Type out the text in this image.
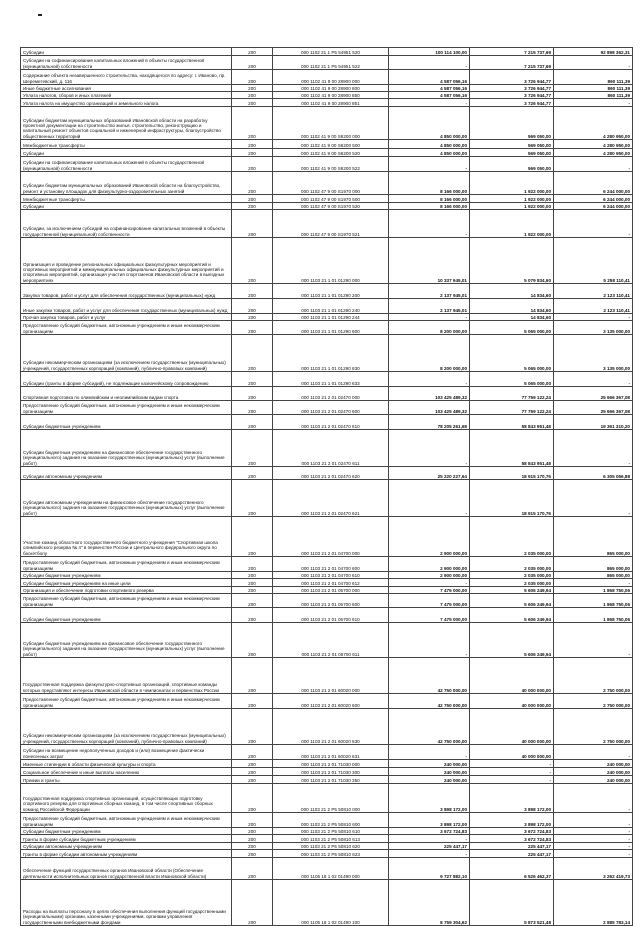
Субсидии	200	000 1102 21 1 P5 54951 520	100 114 100,00	7 215 737,69	92 898 362,31
Субсидии на софинансирование капитальных вложений в объекты государственной (муниципальной) собственности	200	000 1102 21 1 P5 54951 522	-	7 215 737,69	-
Содержание объекта незавершенного строительства, находящегося по адресу: г. Иваново, пр. Шереметевский, д. 116	200	000 1102 41 9 00 28900 000	4 587 056,16	3 726 944,77	860 111,39
Иные бюджетные ассигнования	200	000 1102 41 9 00 28900 800	4 587 056,16	3 726 944,77	860 111,39
Уплата налогов, сборов и иных платежей	200	000 1102 41 9 00 28900 850	4 587 056,16	3 726 944,77	860 111,39
Уплата налога на имущество организаций и земельного налога	200	000 1102 41 9 00 28900 851	-	3 726 944,77	-
Субсидии бюджетам муниципальных образований Ивановской области на разработку проектной документации на строительство жилья, строительство, реконструкцию и капитальный ремонт объектов социальной и инженерной инфраструктуры, благоустройство общественных территорий	200	000 1102 41 9 00 S6200 000	4 850 000,00	569 050,00	4 280 950,00
Межбюджетные трансферты	200	000 1102 41 9 00 S6200 500	4 850 000,00	569 050,00	4 280 950,00
Субсидии	200	000 1102 41 9 00 S6200 520	4 850 000,00	569 050,00	4 280 950,00
Субсидии на софинансирование капитальных вложений в объекты государственной (муниципальной) собственности	200	000 1102 41 9 00 S6200 522	-	569 050,00	-
Субсидии бюджетам муниципальных образований Ивановской области на благоустройство, ремонт и установку площадок для физкультурно-оздоровительных занятий	200	000 1102 47 9 00 S1970 000	8 166 000,00	1 922 000,00	6 244 000,00
Межбюджетные трансферты	200	000 1102 47 9 00 S1970 500	8 166 000,00	1 922 000,00	6 244 000,00
Субсидии	200	000 1102 47 9 00 S1970 520	8 166 000,00	1 922 000,00	6 244 000,00
Субсидии, за исключением субсидий на софинансирование капитальных вложений в объекты государственной (муниципальной) собственности	200	000 1102 47 9 00 S1970 521	-	1 922 000,00	-
Организация и проведение региональных официальных физкультурных мероприятий и спортивных мероприятий и межмуниципальных официальных физкультурных мероприятий и спортивных мероприятий, организация участия спортсменов Ивановской области в выездных мероприятиях	200	000 1103 21 1 01 01290 000	10 337 945,01	5 079 834,60	5 258 110,41
Закупка товаров, работ и услуг для обеспечения государственных (муниципальных) нужд	200	000 1103 21 1 01 01290 200	2 137 945,01	14 834,60	2 123 110,41
Иные закупки товаров, работ и услуг для обеспечения государственных (муниципальных) нужд	200	000 1103 21 1 01 01290 240	2 137 945,01	14 834,60	2 123 110,41
Прочая закупка товаров, работ и услуг	200	000 1103 21 1 01 01290 244	-	14 834,60	-
Предоставление субсидий бюджетным, автономным учреждениям и иным некоммерческим организациям	200	000 1103 21 1 01 01290 600	8 200 000,00	5 065 000,00	3 135 000,00
Субсидии некоммерческим организациям (за исключением государственных (муниципальных) учреждений, государственных корпораций (компаний), публично-правовых компаний)	200	000 1103 21 1 01 01290 630	8 200 000,00	5 065 000,00	3 135 000,00
Субсидии (гранты в форме субсидий), не подлежащие казначейскому сопровождению	200	000 1103 21 1 01 01290 633	-	5 065 000,00	-
Спортивная подготовка по олимпийским и неолимпийским видам спорта	200	000 1103 21 2 01 02470 000	103 425 489,32	77 759 122,24	25 666 367,08
Предоставление субсидий бюджетным, автономным учреждениям и иным некоммерческим организациям	200	000 1103 21 2 01 02470 600	103 425 489,32	77 759 122,24	25 666 367,08
Субсидии бюджетным учреждениям	200	000 1103 21 2 01 02470 610	78 205 261,68	58 843 951,48	19 361 310,20
Субсидии бюджетным учреждениям на финансовое обеспечение государственного (муниципального) задания на оказание государственных (муниципальных) услуг (выполнение работ)	200	000 1103 21 2 01 02470 611	-	58 843 951,48	-
Субсидии автономным учреждениям	200	000 1103 21 2 01 02470 620	25 220 227,64	18 915 170,76	6 305 056,88
Субсидии автономным учреждениям на финансовое обеспечение государственного (муниципального) задания на оказание государственных (муниципальных) услуг (выполнение работ)	200	000 1103 21 2 01 02470 621	-	18 915 170,76	-
Участие команд областного государственного бюджетного учреждения "Спортивная школа олимпийского резерва № 4" в первенстве России и Центрального федерального округа по баскетболу	200	000 1103 21 2 01 04700 000	2 900 000,00	2 035 000,00	865 000,00
Предоставление субсидий бюджетным, автономным учреждениям и иным некоммерческим организациям	200	000 1103 21 2 01 04700 600	2 900 000,00	2 035 000,00	865 000,00
Субсидии бюджетным учреждениям	200	000 1103 21 2 01 04700 610	2 900 000,00	2 035 000,00	865 000,00
Субсидии бюджетным учреждениям на иные цели	200	000 1103 21 2 01 04700 612	-	2 035 000,00	-
Организация и обеспечение подготовки спортивного резерва	200	000 1103 21 2 01 05700 000	7 475 000,00	5 606 249,94	1 868 750,06
Предоставление субсидий бюджетным, автономным учреждениям и иным некоммерческим организациям	200	000 1103 21 2 01 05700 600	7 475 000,00	5 606 249,94	1 868 750,06
Субсидии бюджетным учреждениям	200	000 1103 21 2 01 05700 610	7 475 000,00	5 606 249,94	1 868 750,06
Субсидии бюджетным учреждениям на финансовое обеспечение государственного (муниципального) задания на оказание государственных (муниципальных) услуг (выполнение работ)	200	000 1103 21 2 01 05700 611	-	5 606 249,94	-
Государственная поддержка физкультурно-спортивных организаций, спортивные команды которых представляют интересы Ивановской области в чемпионатах и первенствах России	200	000 1103 21 2 01 60020 000	42 750 000,00	40 000 000,00	2 750 000,00
Предоставление субсидий бюджетным, автономным учреждениям и иным некоммерческим организациям	200	000 1103 21 2 01 60020 600	42 750 000,00	40 000 000,00	2 750 000,00
Субсидии некоммерческим организациям (за исключением государственных (муниципальных) учреждений, государственных корпораций (компаний), публично-правовых компаний)	200	000 1103 21 2 01 60020 630	42 750 000,00	40 000 000,00	2 750 000,00
Субсидии на возмещение недополученных доходов и (или) возмещение фактически понесенных затрат	200	000 1103 21 2 01 60020 631	-	40 000 000,00	-
Именные стипендии в области физической культуры и спорта	200	000 1103 21 2 01 71030 000	240 000,00	-	240 000,00
Социальное обеспечение и иные выплаты населению	200	000 1103 21 2 01 71030 300	240 000,00	-	240 000,00
Премии и гранты	200	000 1103 21 2 01 71030 350	240 000,00	-	240 000,00
Государственная поддержка спортивных организаций, осуществляющих подготовку спортивного резерва для спортивных сборных команд, в том числе спортивных сборных команд Российской Федерации	200	000 1103 21 2 P5 50810 000	3 898 172,00	3 898 172,00	-
Предоставление субсидий бюджетным, автономным учреждениям и иным некоммерческим организациям	200	000 1103 21 2 P5 50810 600	3 898 172,00	3 898 172,00	-
Субсидии бюджетным учреждениям	200	000 1103 21 2 P5 50810 610	3 672 724,83	3 672 724,83	-
Гранты в форме субсидии бюджетным учреждениям	200	000 1103 21 2 P5 50810 613	-	3 672 724,83	-
Субсидии автономным учреждениям	200	000 1103 21 2 P5 50810 620	225 447,17	225 447,17	-
Гранты в форме субсидии автономным учреждениям	200	000 1103 21 2 P5 50810 623	-	225 447,17	-
Обеспечение функций государственных органов Ивановской области (Обеспечение деятельности исполнительных органов государственной власти Ивановской области)	200	000 1105 18 1 02 01490 000	9 727 882,10	6 526 462,37	3 262 419,73
Расходы на выплаты персоналу в целях обеспечения выполнения функций государственными (муниципальными) органами, казенными учреждениями, органами управления государственными внебюджетными фондами	200	000 1105 18 1 02 01490 100	8 759 304,62	5 873 521,48	2 885 783,14
